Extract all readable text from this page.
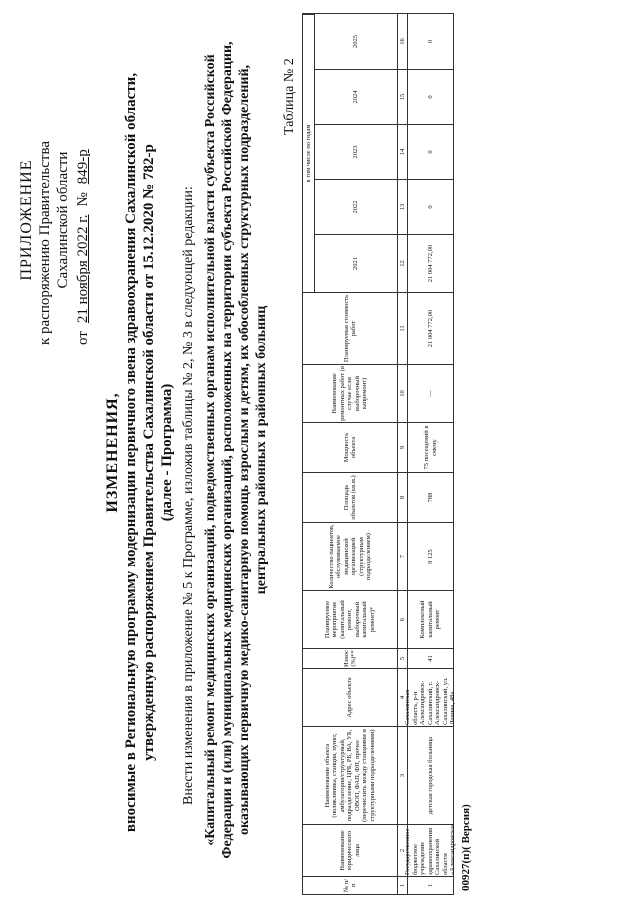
ПРИЛОЖЕНИЕ к распоряжению Правительства Сахалинской области
от
21 ноября 2022 г.
№
849-р
ИЗМЕНЕНИЯ, вносимые в Региональную программу модернизации первичного звена здравоохранения Сахалинской области, утвержденную распоряжением Правительства Сахалинской области от 15.12.2020 № 782-р (далее - Программа) Внести изменения в приложение № 5 к Программе, изложив таблицы № 2, № 3 в следующей редакции: «Капитальный ремонт медицинских организаций, подведомственных органам исполнительной власти субъекта Российской Федерации и (или) муниципальных медицинских организаций, расположенных на территории субъекта Российской Федерации, оказывающих первичную медико-санитарную помощь взрослым и детям, их обособленных структурных подразделений, центральных районных и районных больниц
Таблица № 2
№ п/п
Наименование юридического лица
Наименование объекта (поликлиника, станция, пункт, амбулатория/структурный, подразделение, ЦРБ, РБ, ВА, УБ, ОВОП, ФАП, ФП, прочее (перечислить между станциями и структурными подразделениями)
Адрес объекта
Износ (%)**
Планируемое мероприятие (капитальный ремонт, выборочный капитальный ремонт)*
Количество пациентов, обслуживаемое медицинской организацией (структурным подразделением)
Площадь объектов (кв.м.)
Мощность объекта
Наименование ремонтных работ (в случае если выборочный капремонт)
Планируемая стоимость работ
в том числе по годам
2021
2022
2023
2024
2025
1
2
3
4
5
6
7
8
9
10
11
12
13
14
15
16
1
Государственное бюджетное учреждение здравоохранения Сахалинской области «Александровская
детская городская больница
Сахалинская область, р-н Александровск-Сахалинский, г. Александровск-Сахалинский, ул. Ленина, 48а
41
Комплексный капитальный ремонт
9 125
788
75 посещений в смену
—
21 004 772,00
21 004 772,00
0
0
0
0
00927(п)( Версия)
